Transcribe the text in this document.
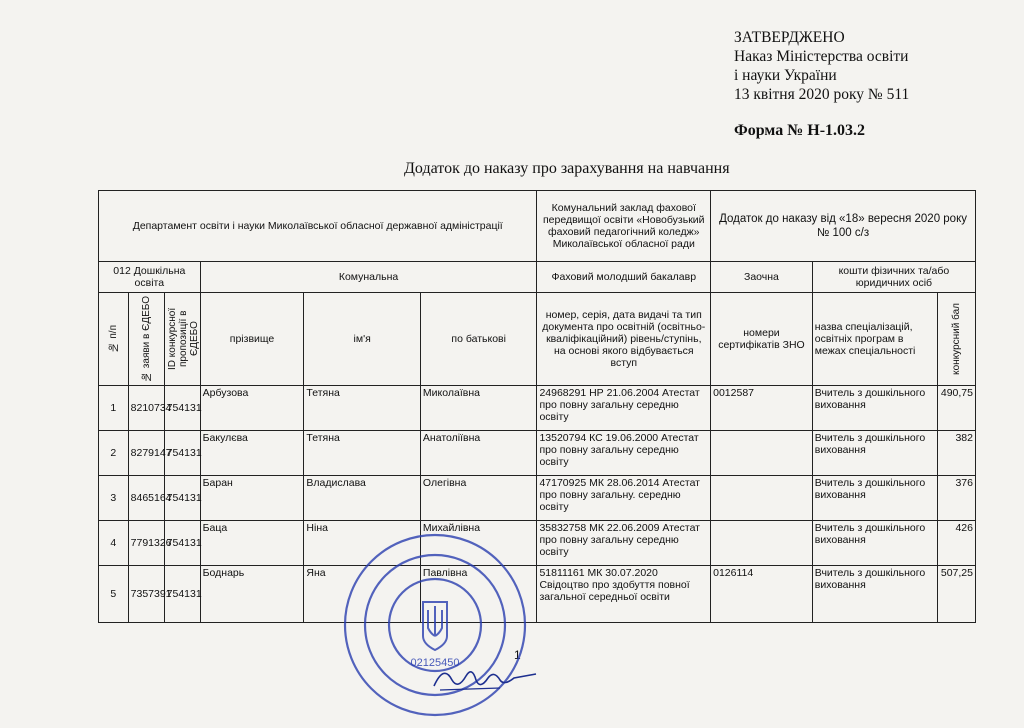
ЗАТВЕРДЖЕНО
Наказ Міністерства освіти
і науки України
13 квітня 2020 року № 511
Форма № Н-1.03.2
Додаток до наказу про зарахування на навчання
Департамент освіти і науки Миколаївської обласної державної адміністрації						Комунальний заклад фахової передвищої освіти «Новобузький фаховий педагогічний коледж» Миколаївської обласної ради	Додаток до наказу від «18» вересня 2020 року № 100 с/з		
012 Дошкільна освіта			Комунальна			Фаховий молодший бакалавр	Заочна	кошти фізичних та/або юридичних осіб	

№ п/п	№ заяви в ЄДЕБО	ID конкурсної пропозиції в ЄДЕБО	прізвище	ім'я	по батькові	номер, серія, дата видачі та тип документа про освітній (освітньо-кваліфікаційний) рівень/ступінь, на основі якого відбувається вступ	номери сертифікатів ЗНО	назва спеціалізацій, освітніх програм в межах спеціальності	конкурсний бал

1	8210734	754131	Арбузова	Тетяна	Миколаївна	24968291 НР 21.06.2004 Атестат про повну загальну середню освіту	0012587	Вчитель з дошкільного виховання	490,75
2	8279147	754131	Бакулєва	Тетяна	Анатоліївна	13520794 КС 19.06.2000 Атестат про повну загальну середню освіту		Вчитель з дошкільного виховання	382
3	8465164	754131	Баран	Владислава	Олегівна	47170925 МК 28.06.2014 Атестат про повну загальну. середню освіту		Вчитель з дошкільного виховання	376
4	7791326	754131	Баца	Ніна	Михайлівна	35832758 МК 22.06.2009 Атестат про повну загальну середню освіту		Вчитель з дошкільного виховання	426
5	7357391	754131	Боднарь	Яна	Павлівна	51811161 МК 30.07.2020 Свідоцтво про здобуття повної загальної середньої освіти	0126114	Вчитель з дошкільного виховання	507,25
1
02125450
